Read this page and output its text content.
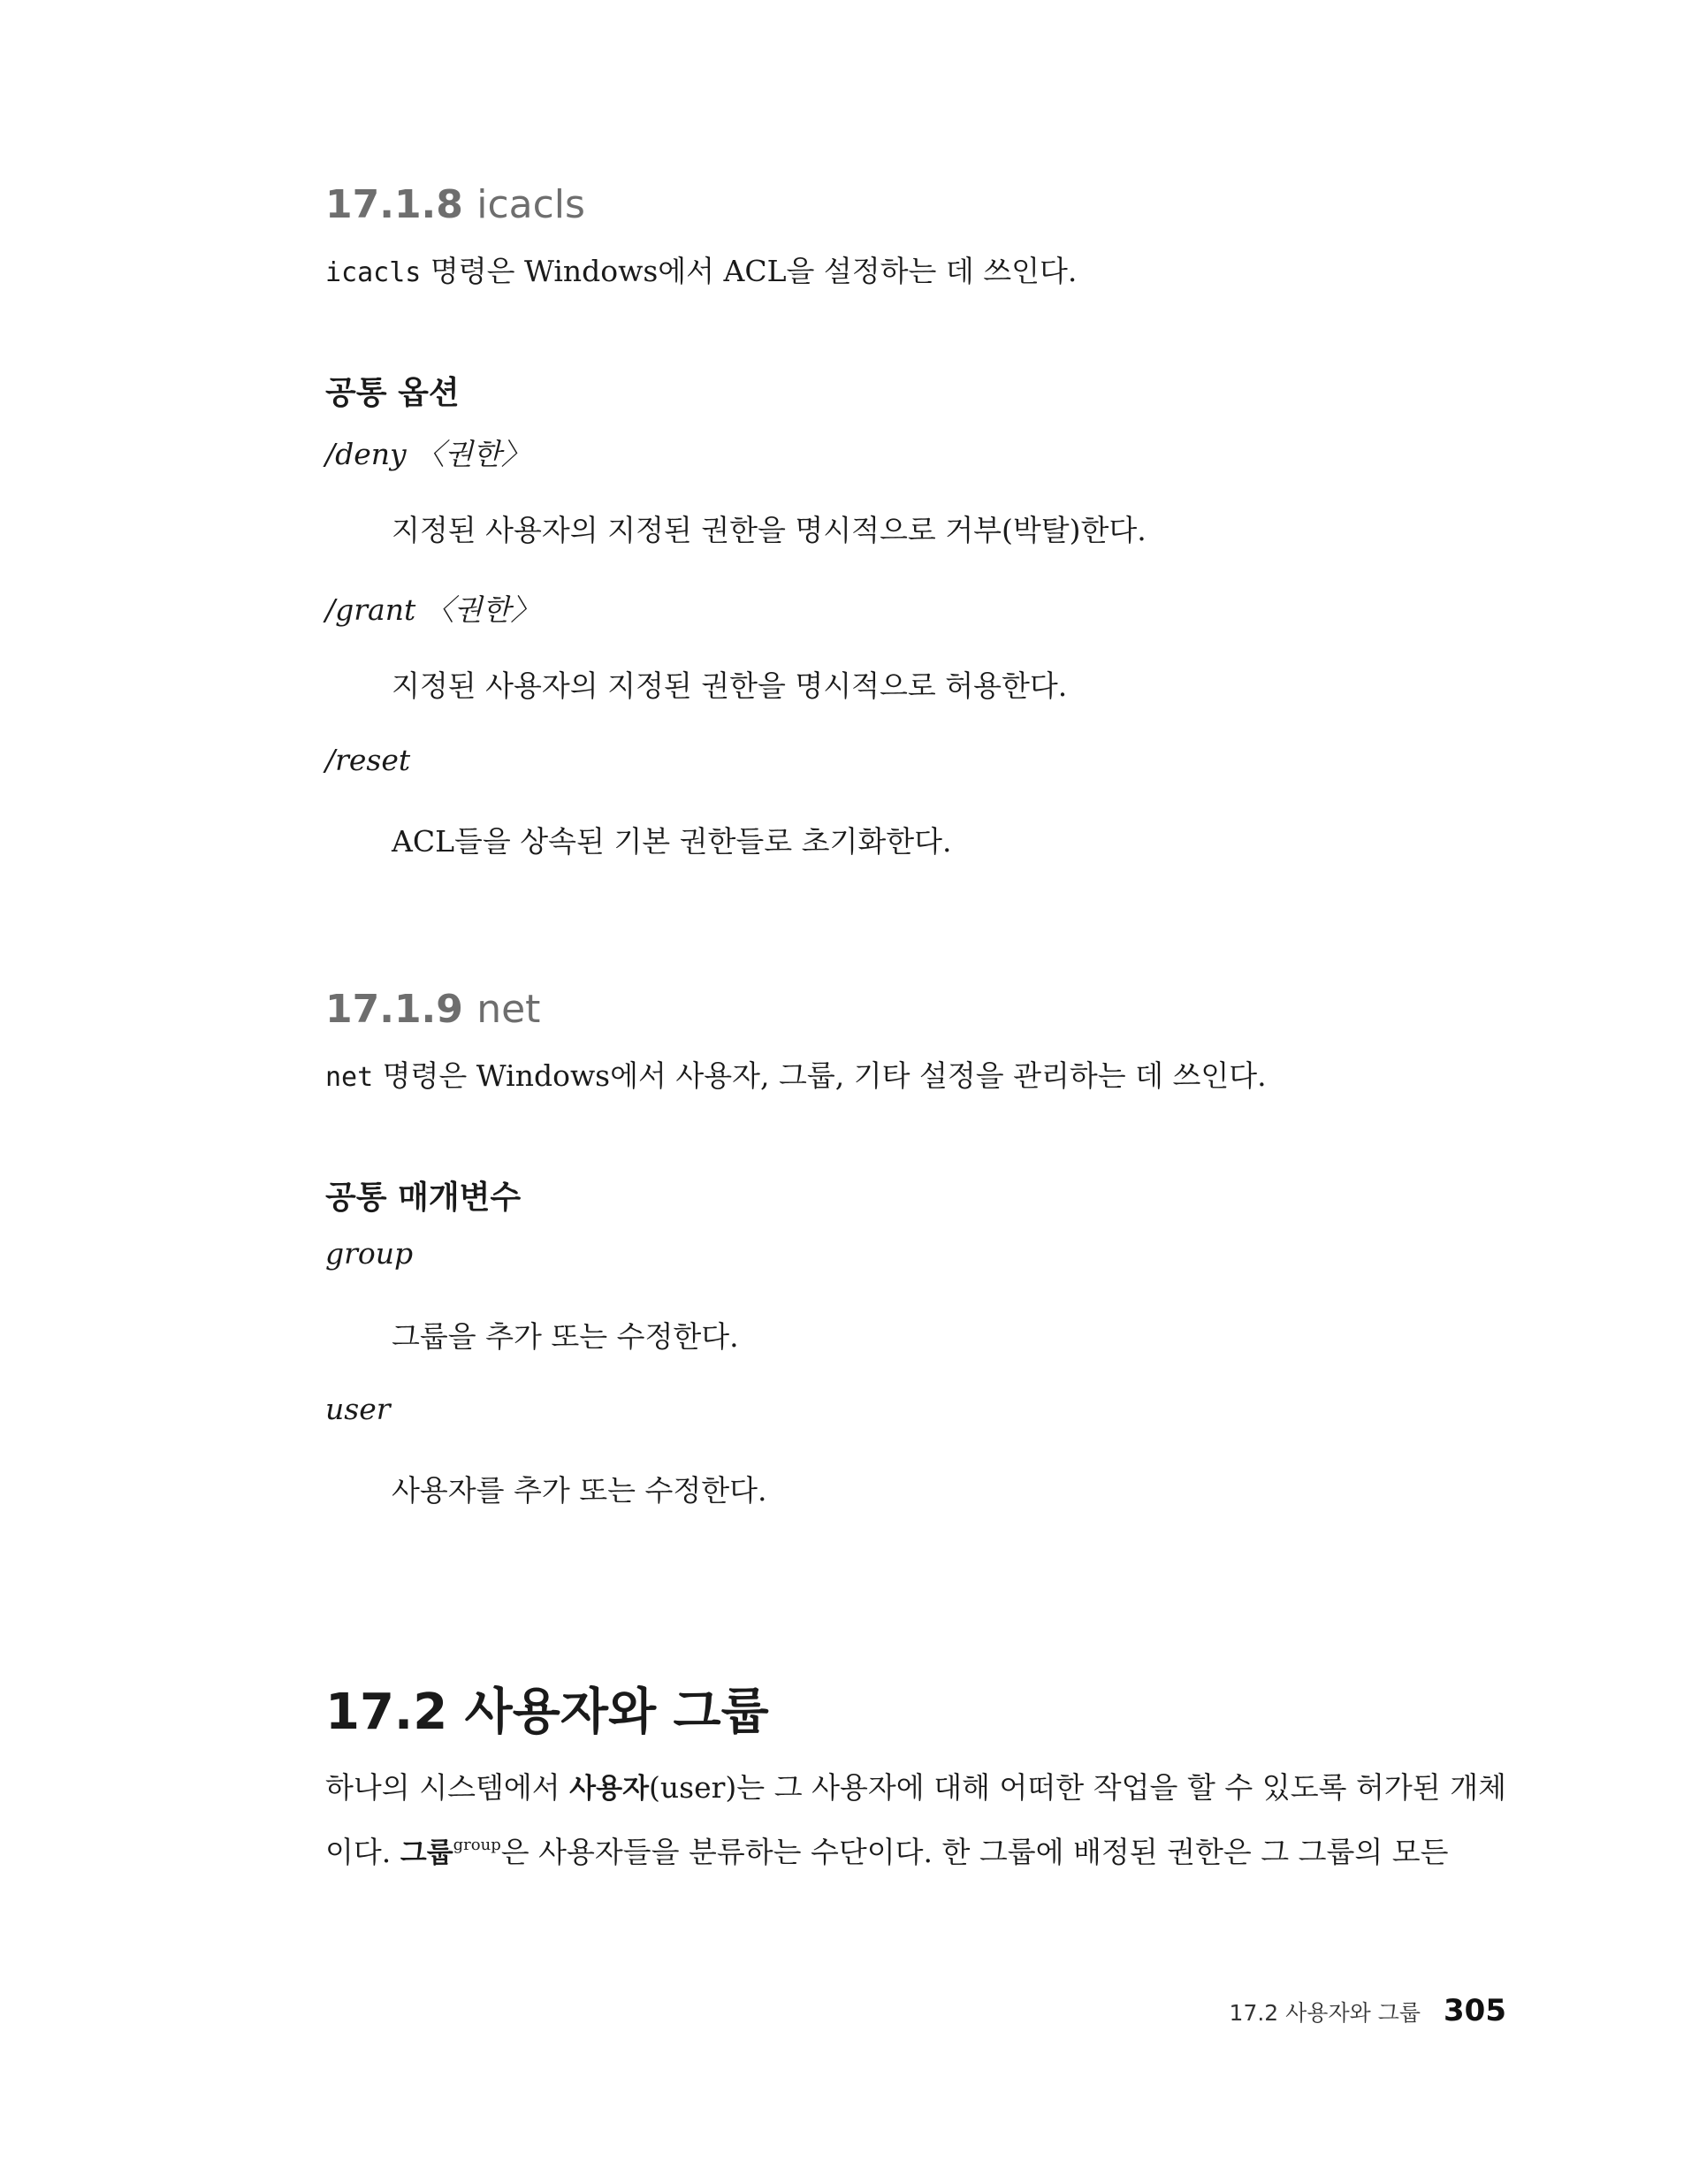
17.1.8 icacls
icacls 명령은 Windows에서 ACL을 설정하는 데 쓰인다.
공통 옵션
/deny 〈권한〉
지정된 사용자의 지정된 권한을 명시적으로 거부(박탈)한다.
/grant 〈권한〉
지정된 사용자의 지정된 권한을 명시적으로 허용한다.
/reset
ACL들을 상속된 기본 권한들로 초기화한다.
17.1.9 net
net 명령은 Windows에서 사용자, 그룹, 기타 설정을 관리하는 데 쓰인다.
공통 매개변수
group
그룹을 추가 또는 수정한다.
user
사용자를 추가 또는 수정한다.
17.2 사용자와 그룹

하나의 시스템에서 사용자(user)는 그 사용자에 대해 어떠한 작업을 할 수 있도록 허가된 개체이다. 그룹$^{group}$은 사용자들을 분류하는 수단이다. 한 그룹에 배정된 권한은 그 그룹의 모든

17.2 사용자와 그룹 305
